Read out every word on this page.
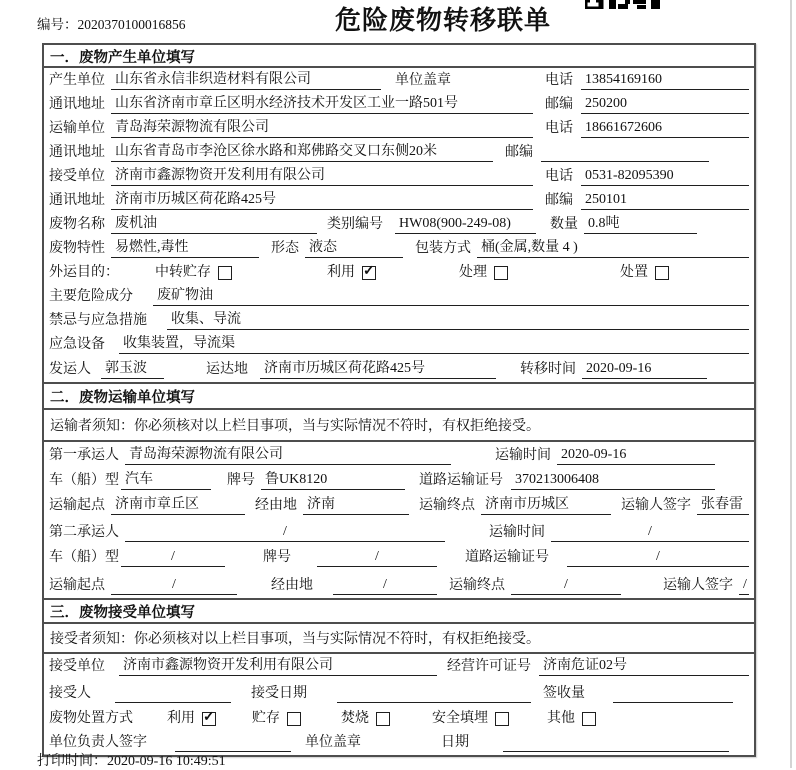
编号：2020370100016856	危险废物转移联单
一．废物产生单位填写
产生单位 山东省永信非织造材料有限公司	单位盖章	电话 13854169160
通讯地址 山东省济南市章丘区明水经济技术开发区工业一路501号	邮编 250200
运输单位 青岛海荣源物流有限公司	电话 18661672606
通讯地址 山东省青岛市李沧区徐水路和郑佛路交叉口东侧20米	邮编
接受单位 济南市鑫源物资开发利用有限公司	电话 0531-82095390
通讯地址 济南市历城区荷花路425号	邮编 250101
废物名称 废机油	类别编号	HW08(900-249-08)	数量 0.8吨
废物特性 易燃性,毒性	形态 液态	包装方式 桶(金属,数量 4 )
外运目的：	中转贮存	利用 ✓	处理	处置
主要危险成分	废矿物油
禁忌与应急措施	收集、导流
应急设备	收集装置，导流渠
发运人	郭玉波	运达地	济南市历城区荷花路425号	转移时间 2020-09-16
二．废物运输单位填写
运输者须知：你必须核对以上栏目事项，当与实际情况不符时，有权拒绝接受。
第一承运人 青岛海荣源物流有限公司	运输时间 2020-09-16
车（船）型 汽车	牌号 鲁UK8120	道路运输证号 370213006408
运输起点 济南市章丘区	经由地 济南	运输终点 济南市历城区	运输人签字 张春雷
第二承运人	/	运输时间	/
车（船）型	/	牌号	/	道路运输证号	/
运输起点	/	经由地	/	运输终点	/	运输人签字 /
三．废物接受单位填写
接受者须知：你必须核对以上栏目事项，当与实际情况不符时，有权拒绝接受。
接受单位	济南市鑫源物资开发利用有限公司	经营许可证号 济南危证02号
接受人	接受日期	签收量
废物处置方式	利用 ✓	贮存	焚烧	安全填埋	其他
单位负责人签字	单位盖章	日期
打印时间：2020-09-16 10:49:51
